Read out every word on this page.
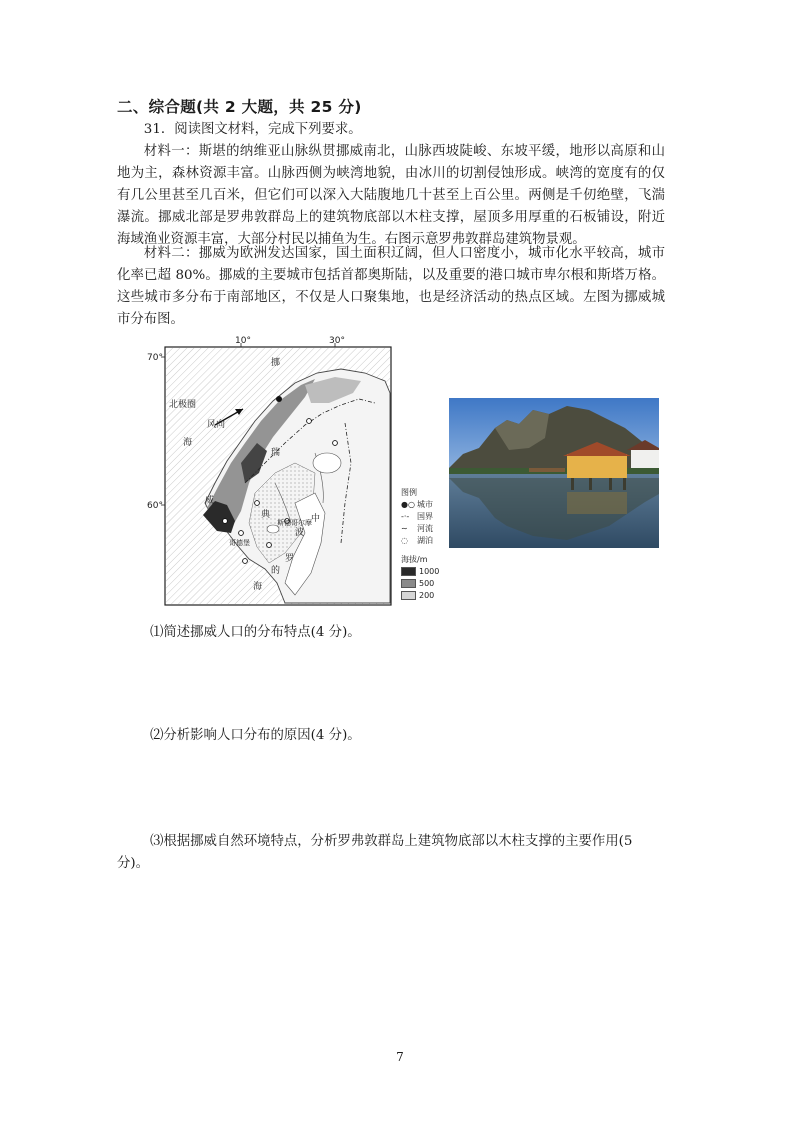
二、综合题(共 2 大题，共 25 分)

31．阅读图文材料，完成下列要求。

材料一：斯堪的纳维亚山脉纵贯挪威南北，山脉西坡陡峻、东坡平缓，地形以高原和山地为主，森林资源丰富。山脉西侧为峡湾地貌，由冰川的切割侵蚀形成。峡湾的宽度有的仅有几公里甚至几百米，但它们可以深入大陆腹地几十甚至上百公里。两侧是千仞绝壁，飞湍瀑流。挪威北部是罗弗敦群岛上的建筑物底部以木柱支撑，屋顶多用厚重的石板铺设，附近海域渔业资源丰富，大部分村民以捕鱼为生。右图示意罗弗敦群岛建筑物景观。

材料二：挪威为欧洲发达国家，国土面积辽阔，但人口密度小，城市化水平较高，城市化率已超 80%。挪威的主要城市包括首都奥斯陆，以及重要的港口城市卑尔根和斯塔万格。这些城市多分布于南部地区，不仅是人口聚集地，也是经济活动的热点区域。左图为挪威城市分布图。

10°	30°
70°
60°
北极圈
风向
海
挪
威
瑞
典	中
波
罗
的
海
斯德哥尔摩
哥德堡
图例
●○ 城市
-·- 国界
∼	河流
◌	湖泊
海拔/m
1000
500
200

⑴简述挪威人口的分布特点(4 分)。

⑵分析影响人口分布的原因(4 分)。

⑶根据挪威自然环境特点，分析罗弗敦群岛上建筑物底部以木柱支撑的主要作用(5 分)。

7
